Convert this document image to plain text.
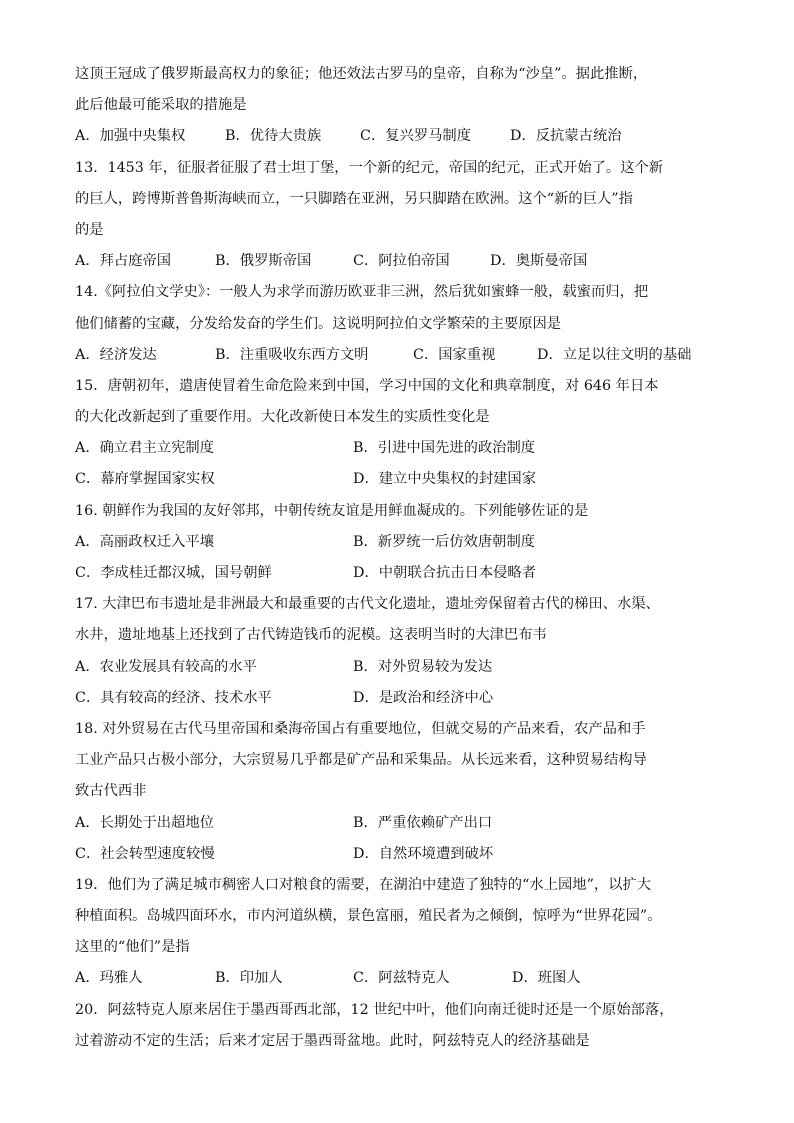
这顶王冠成了俄罗斯最高权力的象征；他还效法古罗马的皇帝，自称为“沙皇”。据此推断，
此后他最可能采取的措施是
A．加强中央集权	B．优待大贵族	C．复兴罗马制度	D．反抗蒙古统治
13．1453 年，征服者征服了君士坦丁堡，一个新的纪元，帝国的纪元，正式开始了。这个新
的巨人，跨博斯普鲁斯海峡而立，一只脚踏在亚洲，另只脚踏在欧洲。这个“新的巨人”指
的是
A．拜占庭帝国	B．俄罗斯帝国	C．阿拉伯帝国	D．奥斯曼帝国
14.《阿拉伯文学史》：一般人为求学而游历欧亚非三洲，然后犹如蜜蜂一般，载蜜而归，把
他们储蓄的宝藏，分发给发奋的学生们。这说明阿拉伯文学繁荣的主要原因是
A．经济发达	B．注重吸收东西方文明	C．国家重视	D．立足以往文明的基础
15．唐朝初年，遣唐使冒着生命危险来到中国，学习中国的文化和典章制度，对 646 年日本
的大化改新起到了重要作用。大化改新使日本发生的实质性变化是
A．确立君主立宪制度	B．引进中国先进的政治制度
C．幕府掌握国家实权	D．建立中央集权的封建国家
16. 朝鲜作为我国的友好邻邦，中朝传统友谊是用鲜血凝成的。下列能够佐证的是
A．高丽政权迁入平壤	B．新罗统一后仿效唐朝制度
C．李成桂迁都汉城，国号朝鲜	D．中朝联合抗击日本侵略者
17. 大津巴布韦遗址是非洲最大和最重要的古代文化遗址，遗址旁保留着古代的梯田、水渠、
水井，遗址地基上还找到了古代铸造钱币的泥模。这表明当时的大津巴布韦
A．农业发展具有较高的水平	B．对外贸易较为发达
C．具有较高的经济、技术水平	D．是政治和经济中心
18. 对外贸易在古代马里帝国和桑海帝国占有重要地位，但就交易的产品来看，农产品和手
工业产品只占极小部分，大宗贸易几乎都是矿产品和采集品。从长远来看，这种贸易结构导
致古代西非
A．长期处于出超地位	B．严重依赖矿产出口
C．社会转型速度较慢	D．自然环境遭到破坏
19．他们为了满足城市稠密人口对粮食的需要，在湖泊中建造了独特的“水上园地”，以扩大
种植面积。岛城四面环水，市内河道纵横，景色富丽，殖民者为之倾倒，惊呼为“世界花园”。
这里的“他们”是指
A．玛雅人	B．印加人	C．阿兹特克人	D．班图人
20．阿兹特克人原来居住于墨西哥西北部，12 世纪中叶，他们向南迁徙时还是一个原始部落，
过着游动不定的生活；后来才定居于墨西哥盆地。此时，阿兹特克人的经济基础是
